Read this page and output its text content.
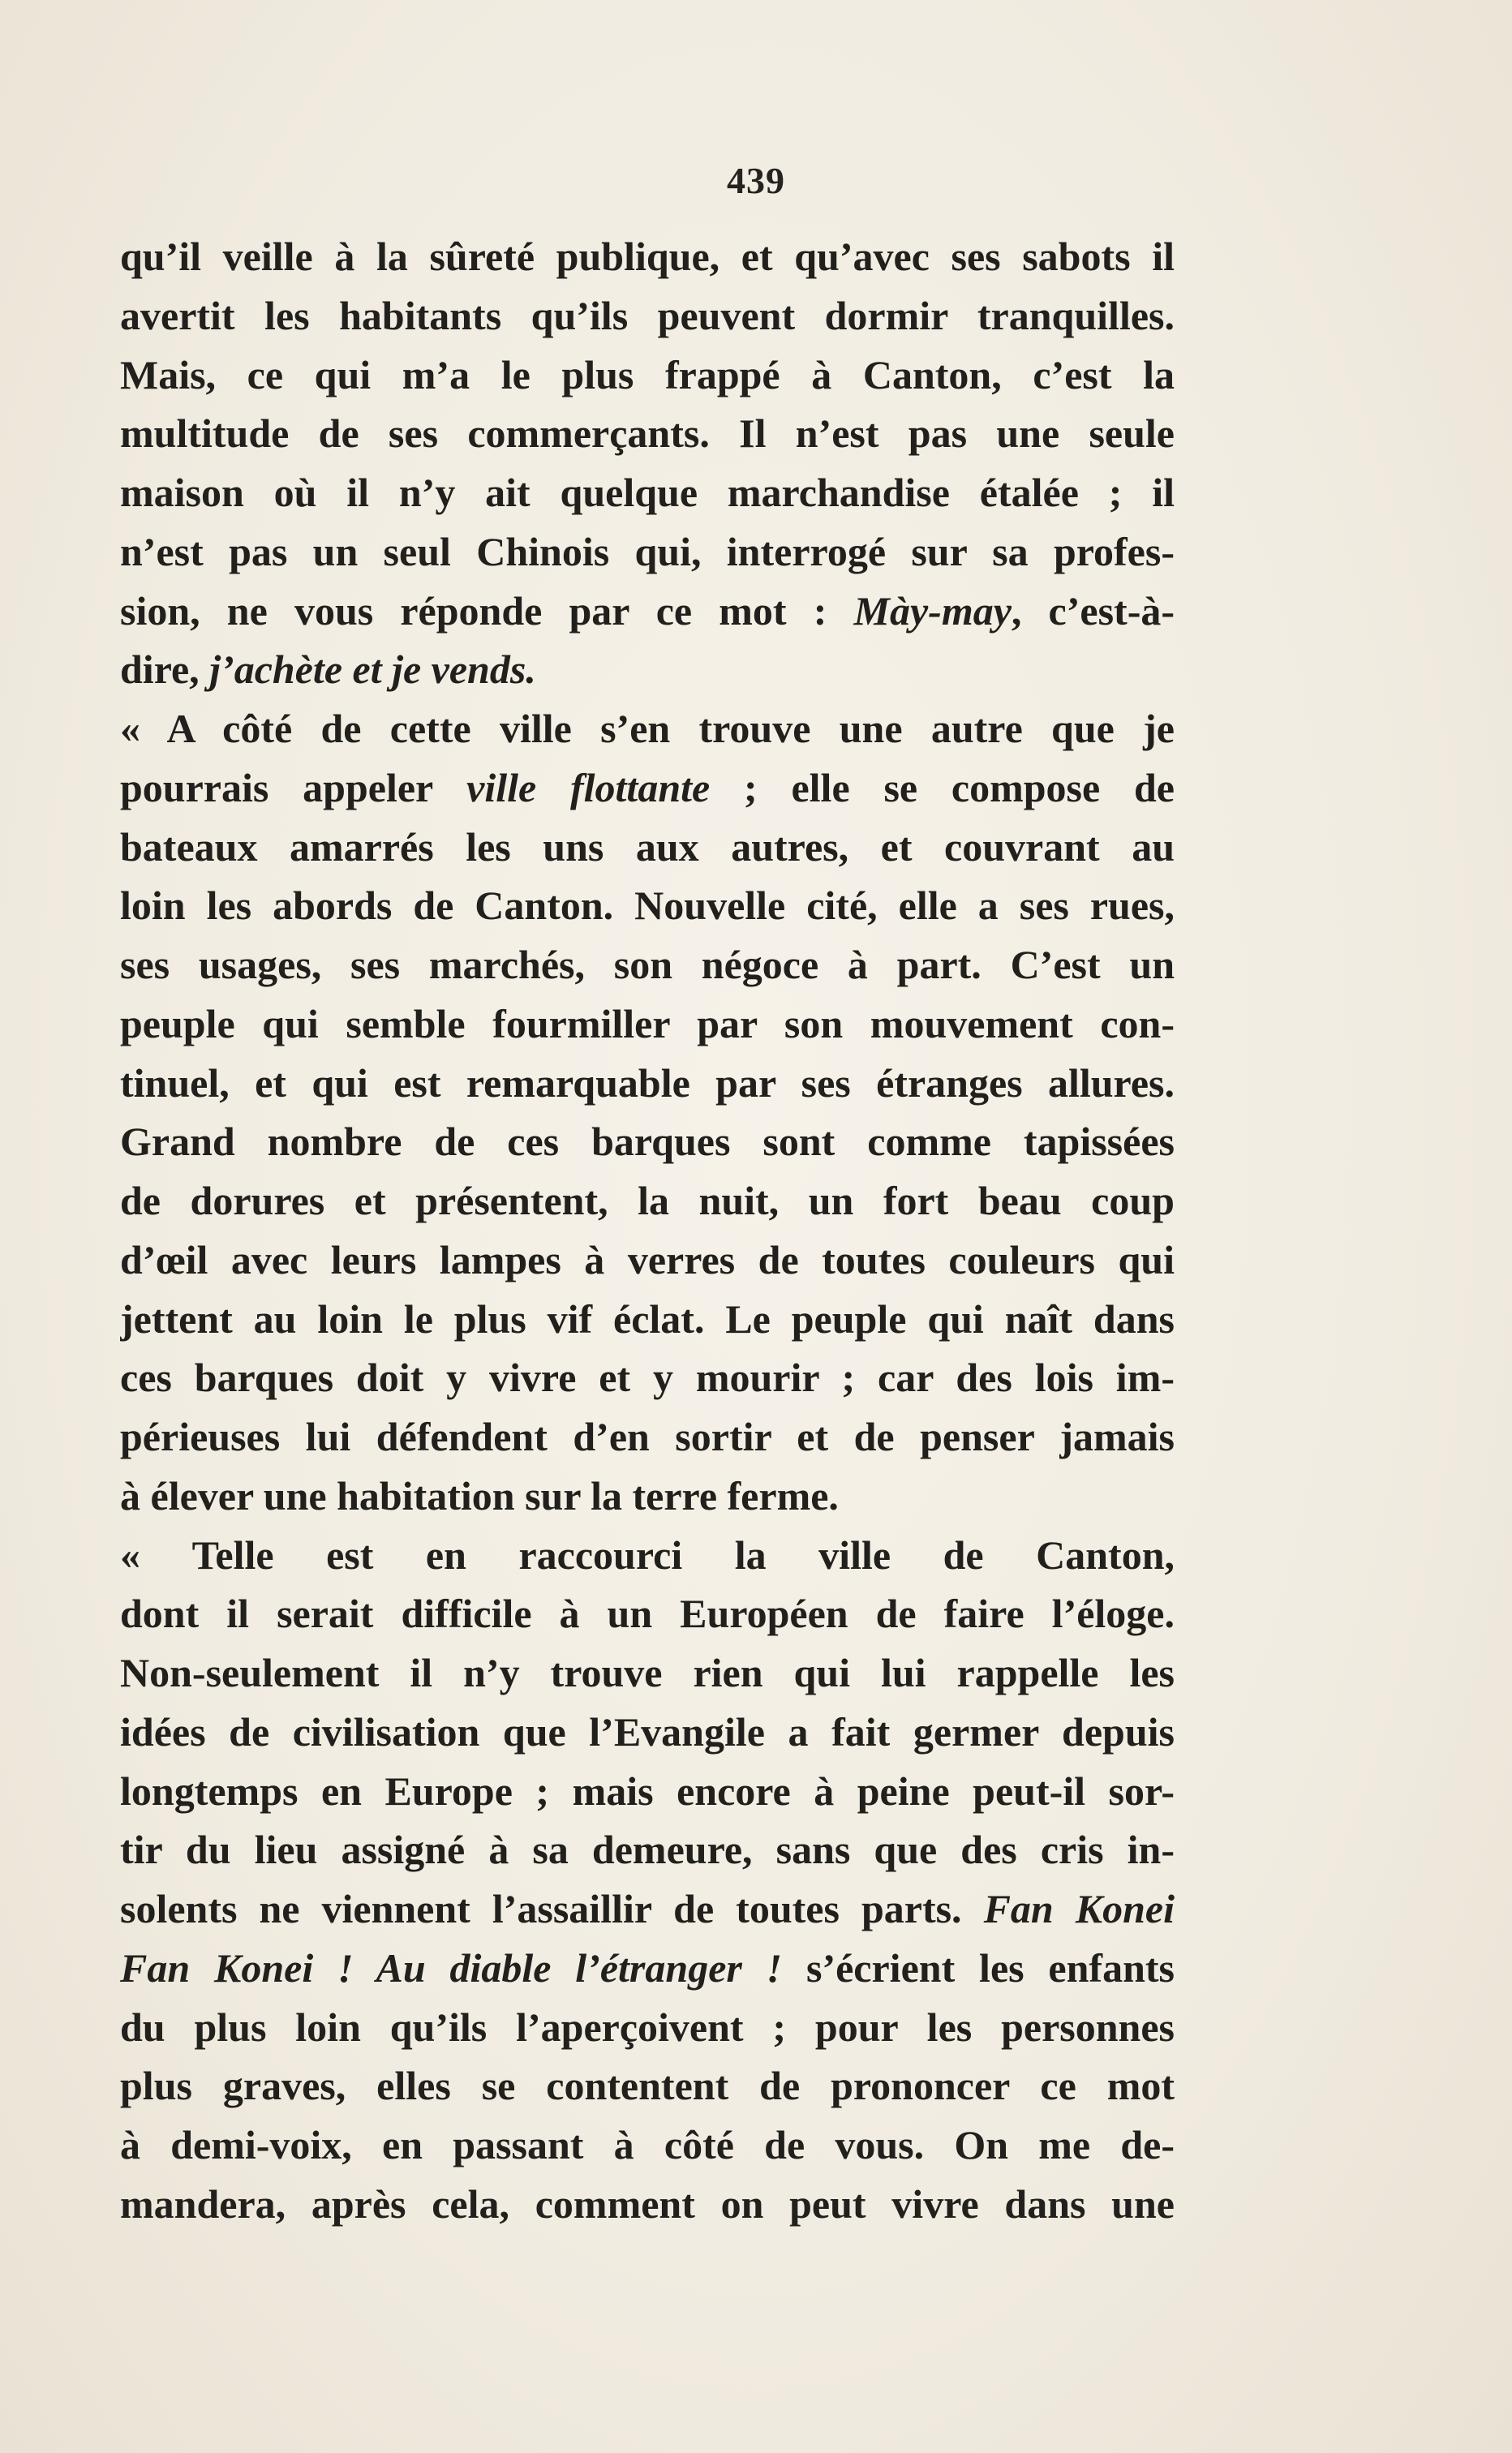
439
qu’il veille à la sûreté publique, et qu’avec ses sabots il
avertit les habitants qu’ils peuvent dormir tranquilles.
Mais, ce qui m’a le plus frappé à Canton, c’est la
multitude de ses commerçants. Il n’est pas une seule
maison où il n’y ait quelque marchandise étalée ; il
n’est pas un seul Chinois qui, interrogé sur sa profes-
sion, ne vous réponde par ce mot : Mày-may, c’est-à-
dire, j’achète et je vends.
« A côté de cette ville s’en trouve une autre que je
pourrais appeler ville flottante ; elle se compose de
bateaux amarrés les uns aux autres, et couvrant au
loin les abords de Canton. Nouvelle cité, elle a ses rues,
ses usages, ses marchés, son négoce à part. C’est un
peuple qui semble fourmiller par son mouvement con-
tinuel, et qui est remarquable par ses étranges allures.
Grand nombre de ces barques sont comme tapissées
de dorures et présentent, la nuit, un fort beau coup
d’œil avec leurs lampes à verres de toutes couleurs qui
jettent au loin le plus vif éclat. Le peuple qui naît dans
ces barques doit y vivre et y mourir ; car des lois im-
périeuses lui défendent d’en sortir et de penser jamais
à élever une habitation sur la terre ferme.
« Telle est en raccourci la ville de Canton,
dont il serait difficile à un Européen de faire l’éloge.
Non-seulement il n’y trouve rien qui lui rappelle les
idées de civilisation que l’Evangile a fait germer depuis
longtemps en Europe ; mais encore à peine peut-il sor-
tir du lieu assigné à sa demeure, sans que des cris in-
solents ne viennent l’assaillir de toutes parts. Fan Konei
Fan Konei ! Au diable l’étranger ! s’écrient les enfants
du plus loin qu’ils l’aperçoivent ; pour les personnes
plus graves, elles se contentent de prononcer ce mot
à demi-voix, en passant à côté de vous. On me de-
mandera, après cela, comment on peut vivre dans une
